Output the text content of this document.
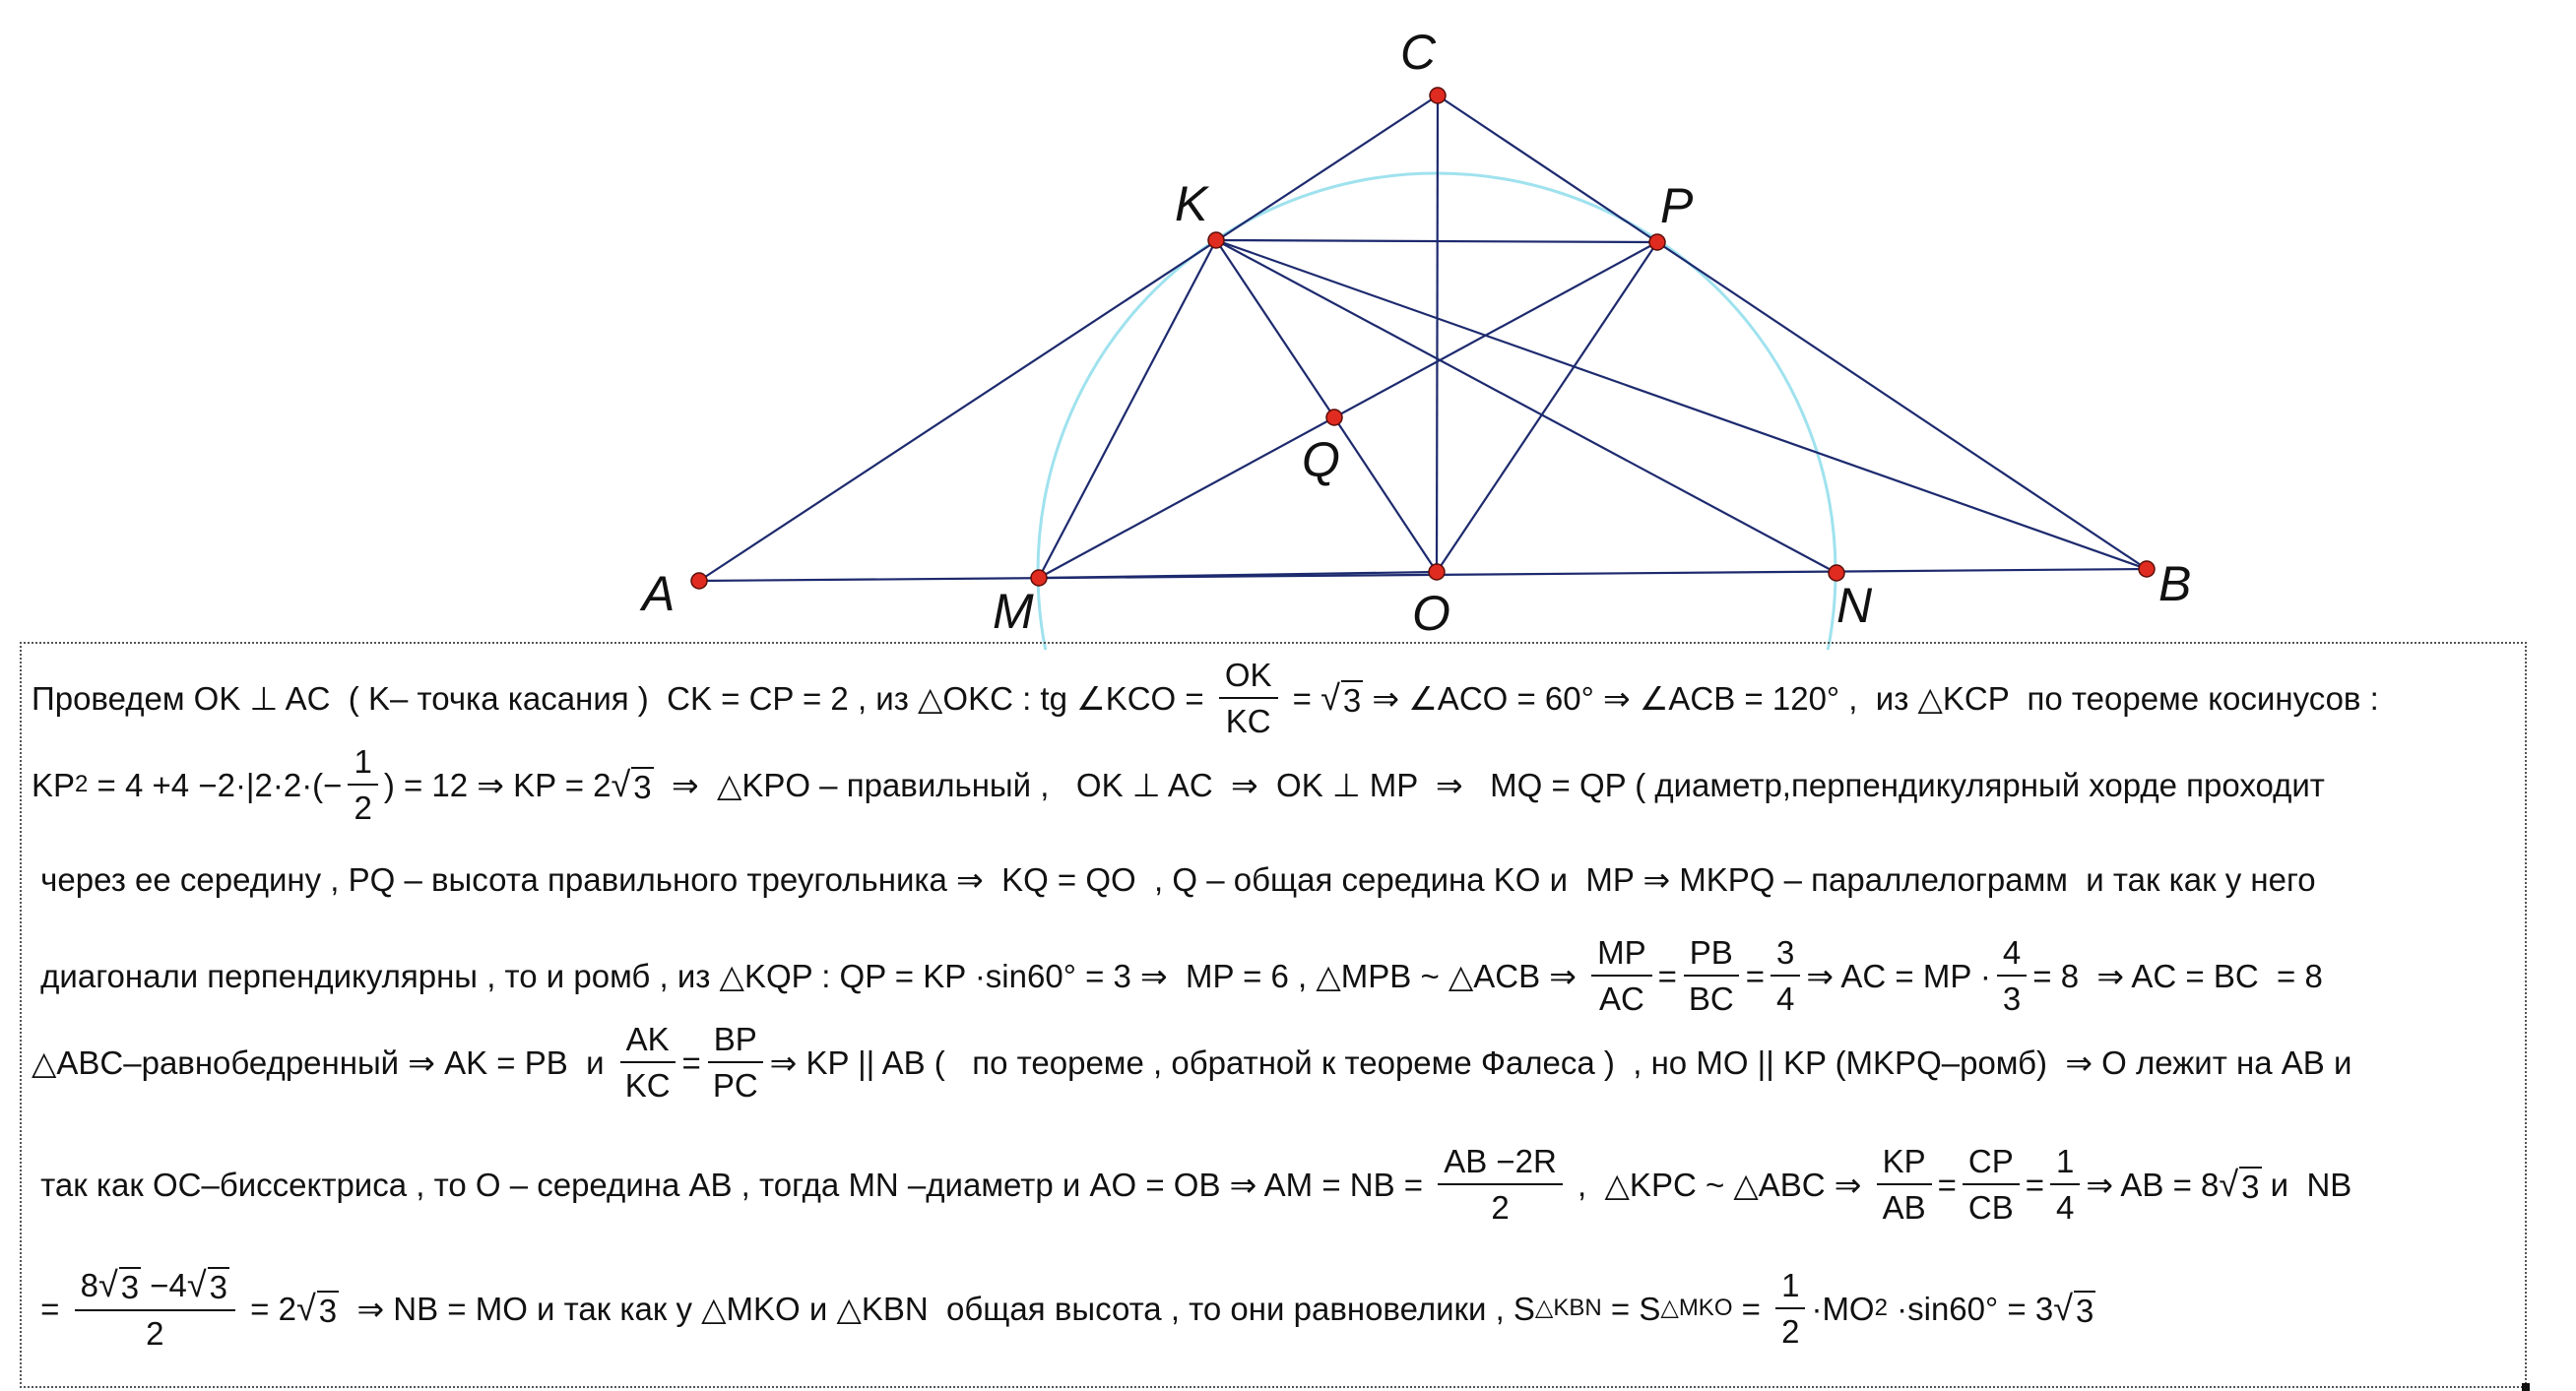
C
K	P
Q
A	M	O	N	B
Проведем OK ⊥ AC  ( K– точка касания )  CK = CP = 2 , из △OKC : tg ∠KCO = $\frac{OK}{KC}$ = √ 3 ⇒ ∠ACO = 60° ⇒ ∠ACB = 120° ,  из △KCP  по теореме косинусов :
KP $2 = 4 +4 -2\cdot|2\cdot 2\cdot(- \frac{1}{2}$ ) = 12 ⇒ KP = 2 √ 3 ⇒  △KPO – правильный ,   OK ⊥ AC  ⇒  OK ⊥ MP  ⇒   MQ = QP ( диаметр,перпендикулярный хорде проходит
через ее середину , PQ – высота правильного треугольника ⇒  KQ = QO  , Q – общая середина KO и  MP ⇒ MKPQ – параллелограмм  и так как у него
диагонали перпендикулярны , то и ромб , из △KQP : QP = KP ·sin60° = 3 ⇒  MP = 6 , △MPB ~ △ACB ⇒ $\frac{MP}{AC} = \frac{PB}{BC} = \frac{3}{4}$ ⇒ AC = MP · $\frac{4}{3} = 8$  ⇒ AC = BC  = 8
△ABC–равнобедренный ⇒ AK = PB  и $\frac{AK}{KC} = \frac{BP}{PC}$ ⇒ KP || AB (   по теореме , обратной к теореме Фалеса )  , но MO || KP (MKPQ–ромб)  ⇒ O лежит на AB и
так как OC–биссектриса , то O – середина AB , тогда MN –диаметр и AO = OB ⇒ AM = NB = $\frac{AB -2R}{2}$ ,  △KPC ~ △ABC ⇒ $\frac{KP}{AB} = \frac{CP}{CB} = \frac{1}{4}$ ⇒ AB = 8 √ 3 и  NB
= $\frac{8 √ 3 -4 √ 3}{2} = 2$ √ 3 ⇒ NB = MO и так как у △MKO и △KBN  общая высота , то они равновелики , S △KBN = S △MKO = $\frac{1}{2} \cdot MO$ 2 ·sin60° = 3 √ 3
